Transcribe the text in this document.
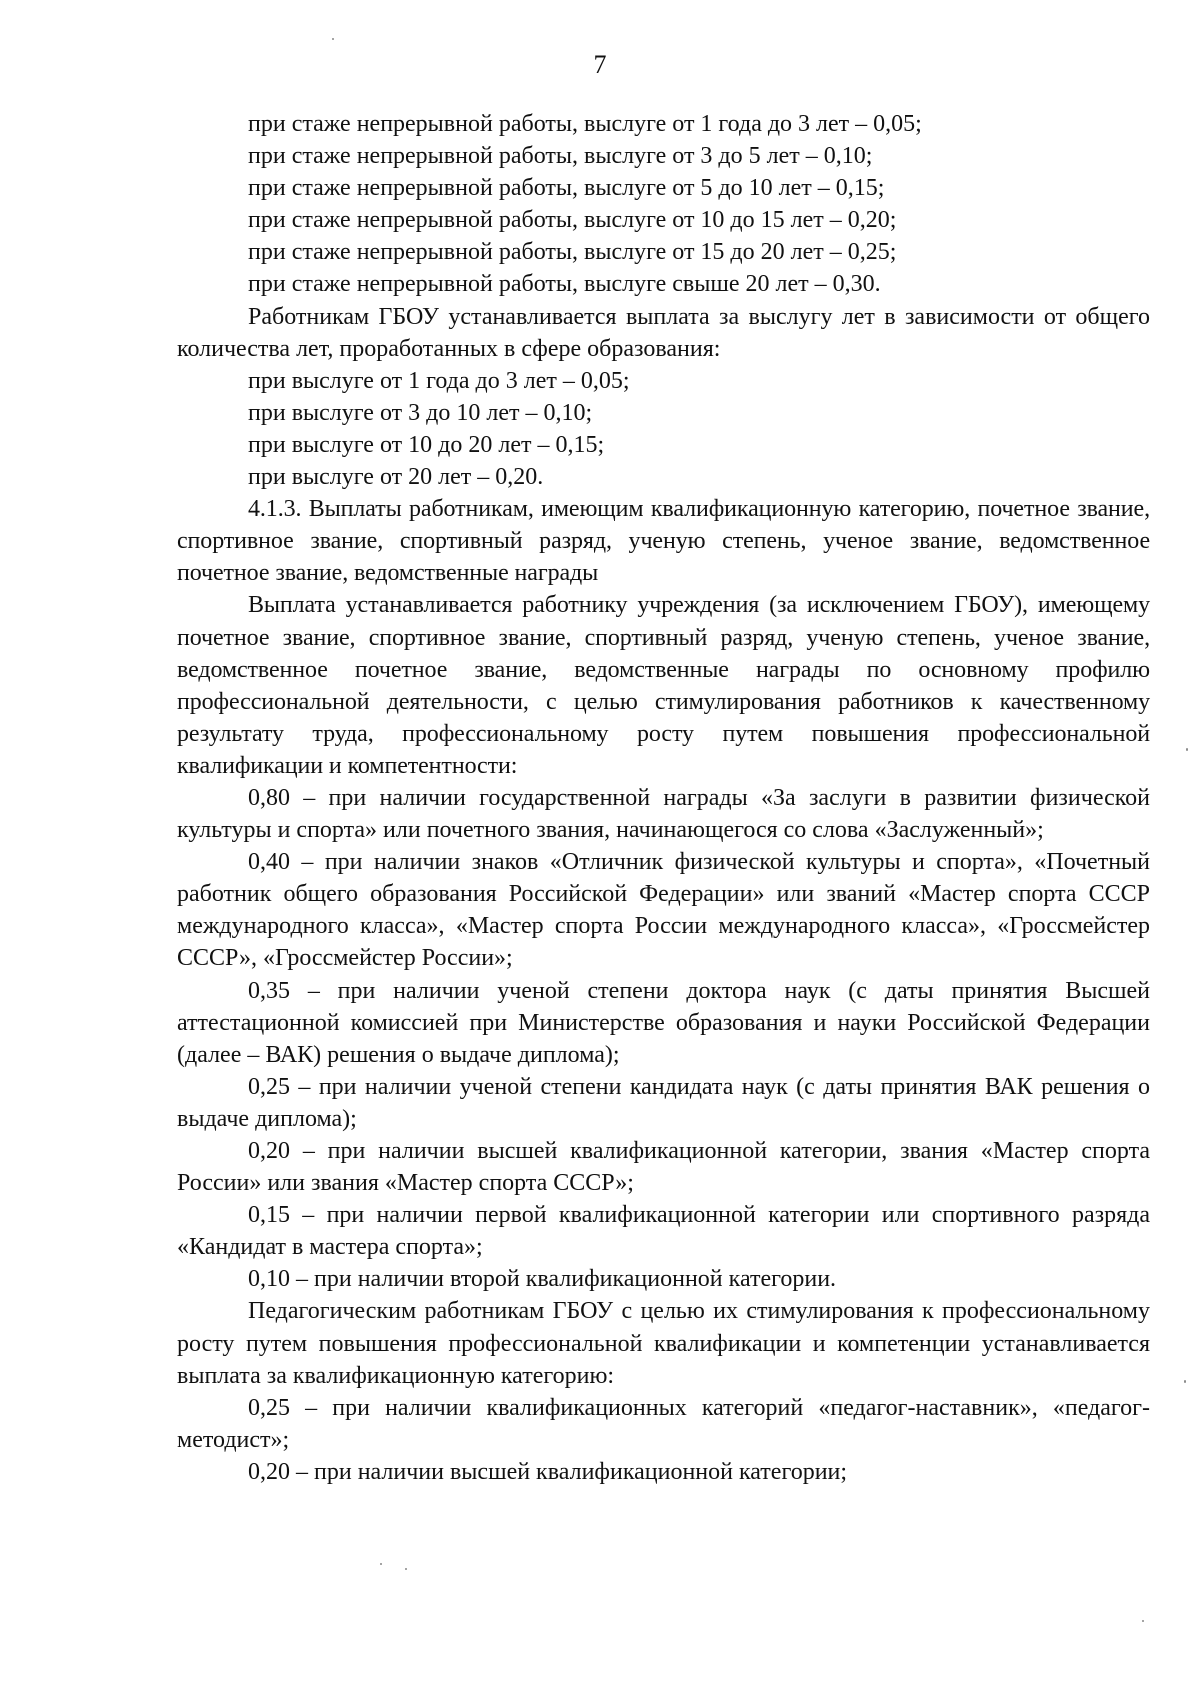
7

при стаже непрерывной работы, выслуге от 1 года до 3 лет – 0,05;

при стаже непрерывной работы, выслуге от 3 до 5 лет – 0,10;

при стаже непрерывной работы, выслуге от 5 до 10 лет – 0,15;

при стаже непрерывной работы, выслуге от 10 до 15 лет – 0,20;

при стаже непрерывной работы, выслуге от 15 до 20 лет – 0,25;

при стаже непрерывной работы, выслуге свыше 20 лет – 0,30.

Работникам ГБОУ устанавливается выплата за выслугу лет в зависимости от общего количества лет, проработанных в сфере образования:

при выслуге от 1 года до 3 лет – 0,05;

при выслуге от 3 до 10 лет – 0,10;

при выслуге от 10 до 20 лет – 0,15;

при выслуге от 20 лет – 0,20.

4.1.3. Выплаты работникам, имеющим квалификационную категорию, почетное звание, спортивное звание, спортивный разряд, ученую степень, ученое звание, ведомственное почетное звание, ведомственные награды

Выплата устанавливается работнику учреждения (за исключением ГБОУ), имеющему почетное звание, спортивное звание, спортивный разряд, ученую степень, ученое звание, ведомственное почетное звание, ведомственные награды по основному профилю профессиональной деятельности, с целью стимулирования работников к качественному результату труда, профессиональному росту путем повышения профессиональной квалификации и компетентности:

0,80 – при наличии государственной награды «За заслуги в развитии физической культуры и спорта» или почетного звания, начинающегося со слова «Заслуженный»;

0,40 – при наличии знаков «Отличник физической культуры и спорта», «Почетный работник общего образования Российской Федерации» или званий «Мастер спорта СССР международного класса», «Мастер спорта России международного класса», «Гроссмейстер СССР», «Гроссмейстер России»;

0,35 – при наличии ученой степени доктора наук (с даты принятия Высшей аттестационной комиссией при Министерстве образования и науки Российской Федерации (далее – ВАК) решения о выдаче диплома);

0,25 – при наличии ученой степени кандидата наук (с даты принятия ВАК решения о выдаче диплома);

0,20 – при наличии высшей квалификационной категории, звания «Мастер спорта России» или звания «Мастер спорта СССР»;

0,15 – при наличии первой квалификационной категории или спортивного разряда «Кандидат в мастера спорта»;

0,10 – при наличии второй квалификационной категории.

Педагогическим работникам ГБОУ с целью их стимулирования к профессиональному росту путем повышения профессиональной квалификации и компетенции устанавливается выплата за квалификационную категорию:

0,25 – при наличии квалификационных категорий «педагог-наставник», «педагог-методист»;

0,20 – при наличии высшей квалификационной категории;
